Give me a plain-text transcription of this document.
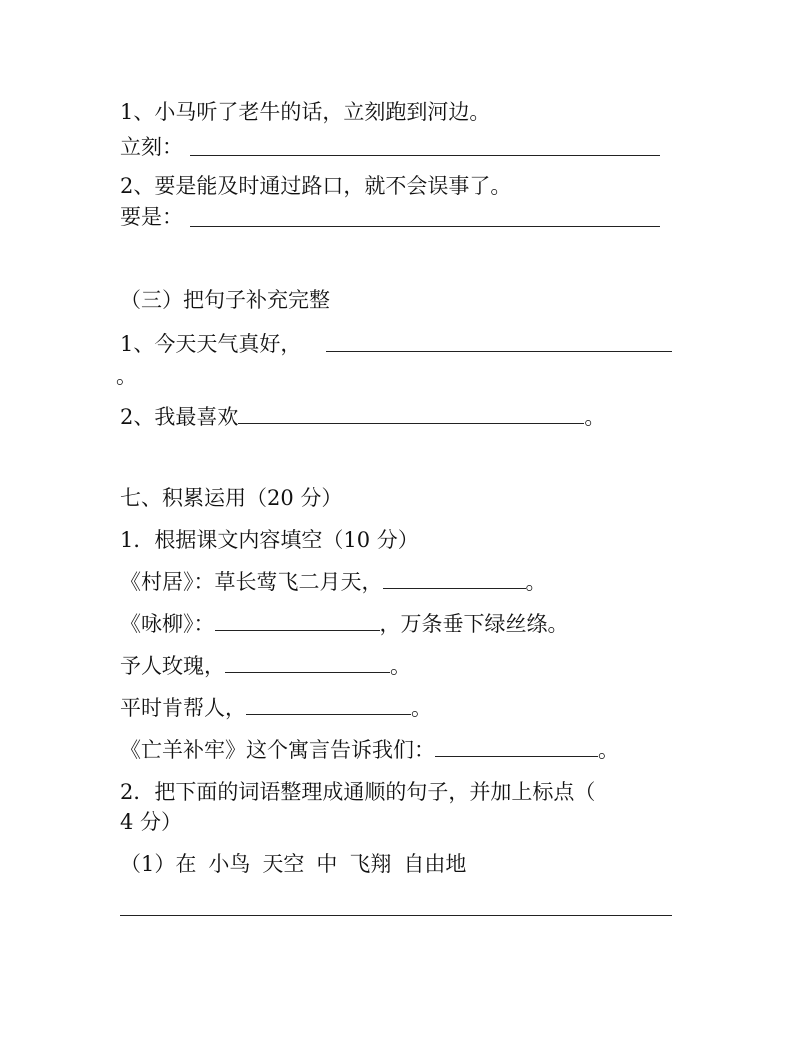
1、小马听了老牛的话，立刻跑到河边。
立刻：
2、要是能及时通过路口，就不会误事了。
要是：
（三）把句子补充完整
1、今天天气真好，
。
2、我最喜欢	。
七、积累运用（20 分）
1．根据课文内容填空（10 分）
《村居》：草长莺飞二月天，	。
《咏柳》：	，万条垂下绿丝绦。
予人玫瑰，	。
平时肯帮人，	。
《亡羊补牢》这个寓言告诉我们：	。
2．把下面的词语整理成通顺的句子，并加上标点（
4 分）
（1）在 小鸟 天空 中 飞翔 自由地
